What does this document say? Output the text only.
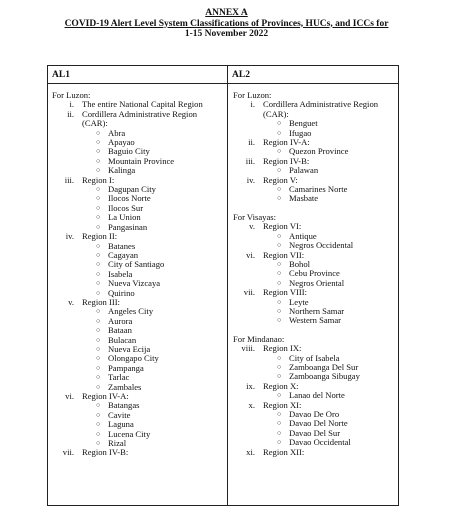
ANNEX A
COVID-19 Alert Level System Classifications of Provinces, HUCs, and ICCs for
1-15 November 2022
AL1	AL2
For Luzon:
i. The entire National Capital Region
ii. Cordillera Administrative Region
(CAR):
○ Abra
○ Apayao
○ Baguio City
○ Mountain Province
○ Kalinga
iii. Region I:
○ Dagupan City
○ Ilocos Norte
○ Ilocos Sur
○ La Union
○ Pangasinan
iv. Region II:
○ Batanes
○ Cagayan
○ City of Santiago
○ Isabela
○ Nueva Vizcaya
○ Quirino
v. Region III:
○ Angeles City
○ Aurora
○ Bataan
○ Bulacan
○ Nueva Ecija
○ Olongapo City
○ Pampanga
○ Tarlac
○ Zambales
vi. Region IV-A:
○ Batangas
○ Cavite
○ Laguna
○ Lucena City
○ Rizal
vii. Region IV-B:
For Luzon:
i. Cordillera Administrative Region
(CAR):
○ Benguet
○ Ifugao
ii. Region IV-A:
○ Quezon Province
iii. Region IV-B:
○ Palawan
iv. Region V:
○ Camarines Norte
○ Masbate
For Visayas:
v. Region VI:
○ Antique
○ Negros Occidental
vi. Region VII:
○ Bohol
○ Cebu Province
○ Negros Oriental
vii. Region VIII:
○ Leyte
○ Northern Samar
○ Western Samar
For Mindanao:
viii. Region IX:
○ City of Isabela
○ Zamboanga Del Sur
○ Zamboanga Sibugay
ix. Region X:
○ Lanao del Norte
x. Region XI:
○ Davao De Oro
○ Davao Del Norte
○ Davao Del Sur
○ Davao Occidental
xi. Region XII:
